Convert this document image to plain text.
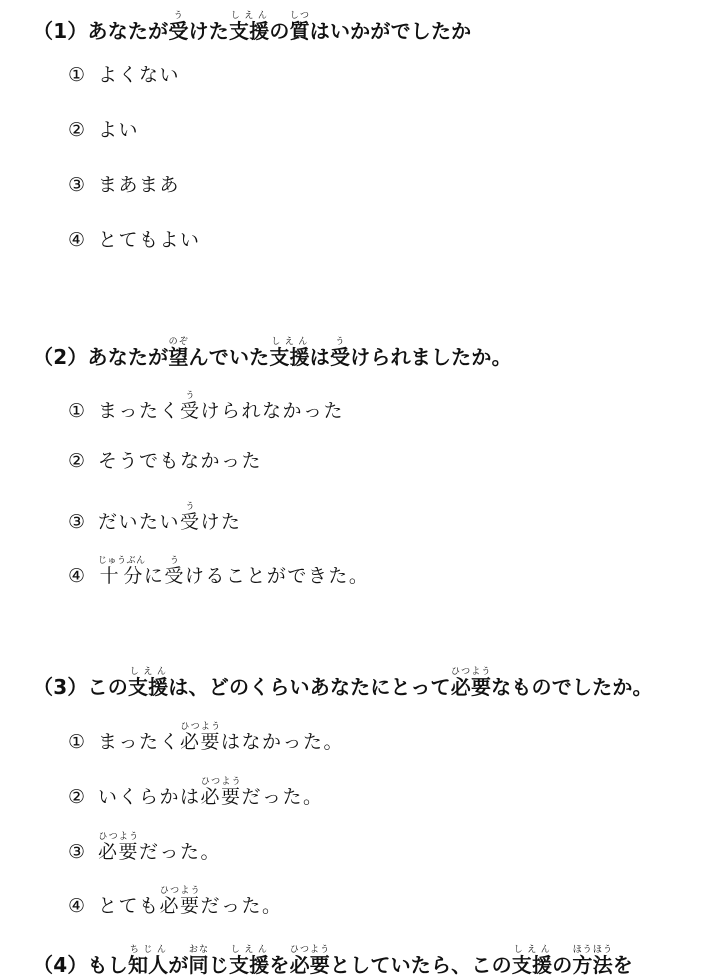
（1）あなたが受うけた支援しえんの質しつはいかがでしたか
① よくない
② よい
③ まあまあ
④ とてもよい
（2）あなたが望のぞんでいた支援しえんは受うけられましたか。
① まったく受うけられなかった
② そうでもなかった
③ だいたい受うけた
④ 十分じゅうぶんに受うけることができた。
（3）この支援しえんは、どのくらいあなたにとって必要ひつようなものでしたか。
① まったく必要ひつようはなかった。
② いくらかは必要ひつようだった。
③ 必要ひつようだった。
④ とても必要ひつようだった。
（4）もし知人ちじんが同おなじ支援しえんを必要ひつようとしていたら、この支援しえんの方法ほうほうを
